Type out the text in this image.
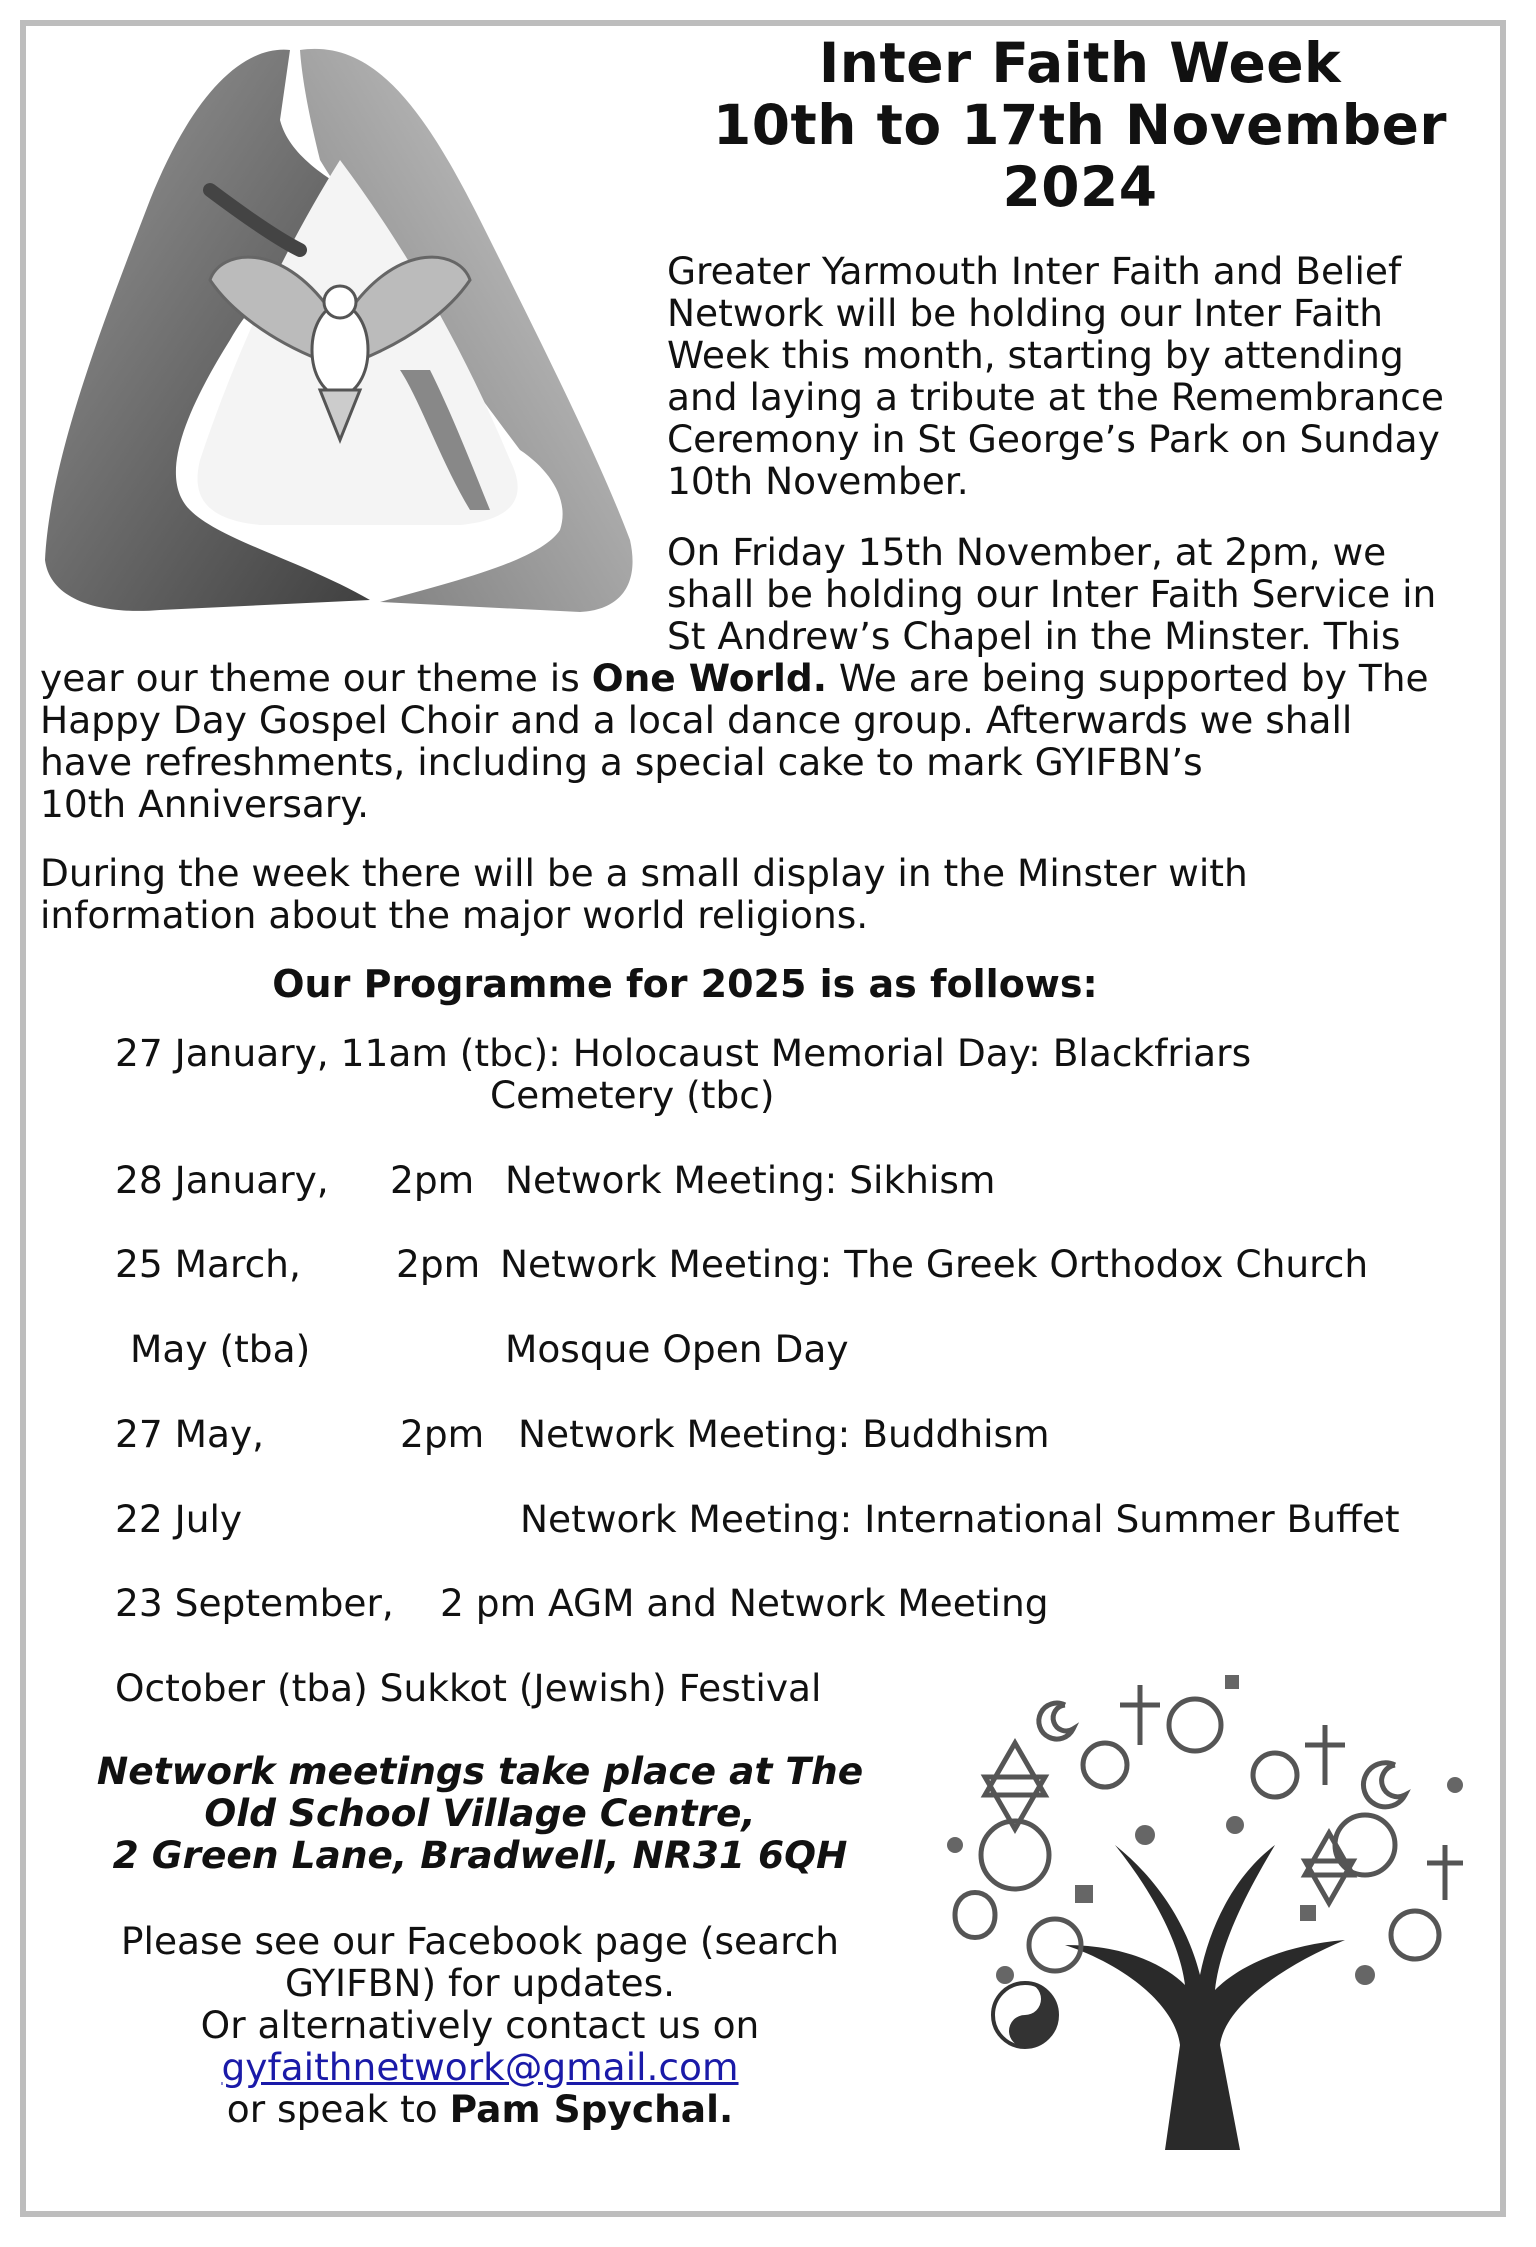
Inter Faith Week
10th to 17th November
2024
Greater Yarmouth Inter Faith and Belief
Network will be holding our Inter Faith
Week this month, starting by attending
and laying a tribute at the Remembrance
Ceremony in St George’s Park on Sunday
10th November.
On Friday 15th November, at 2pm, we
shall be holding our Inter Faith Service in
St Andrew’s Chapel in the Minster. This
year our theme our theme is One World. We are being supported by The
Happy Day Gospel Choir and a local dance group. Afterwards we shall
have refreshments, including a special cake to mark GYIFBN’s
10th Anniversary.
During the week there will be a small display in the Minster with
information about the major world religions.
Our Programme for 2025 is as follows:
27 January, 11am (tbc): Holocaust Memorial Day: Blackfriars
Cemetery (tbc)
28 January, 2pm Network Meeting: Sikhism
25 March,	2pm Network Meeting: The Greek Orthodox Church
May (tba)	Mosque Open Day
27 May,	2pm Network Meeting: Buddhism
22 July	Network Meeting: International Summer Buffet
23 September, 2 pm AGM and Network Meeting
October (tba) Sukkot (Jewish) Festival
Network meetings take place at The
Old School Village Centre,
2 Green Lane, Bradwell, NR31 6QH
Please see our Facebook page (search
GYIFBN) for updates.
Or alternatively contact us on
gyfaithnetwork@gmail.com
or speak to Pam Spychal.
